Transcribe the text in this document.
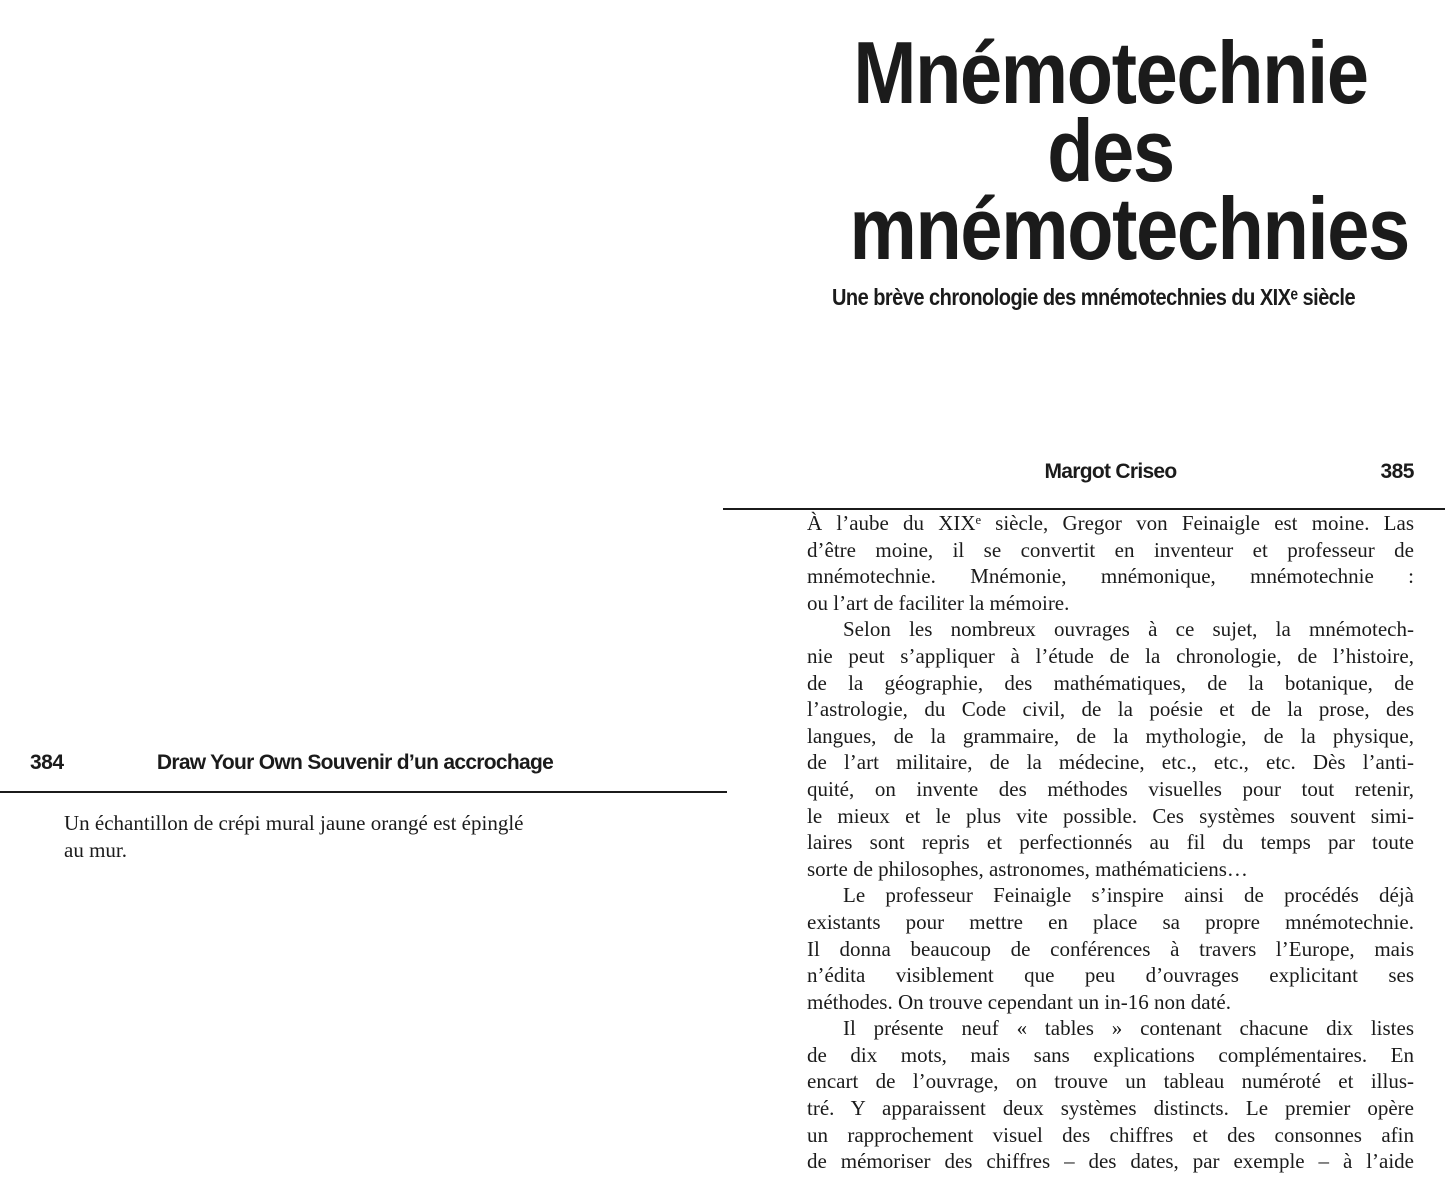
384	Draw Your Own Souvenir d’un accrochage
Un échantillon de crépi mural jaune orangé est épinglé
au mur.
Mnémotechnie
des
mnémotechnies
Une brève chronologie des mnémotechnies du XIXᵉ siècle
Margot Criseo	385
À l’aube du XIXᵉ siècle, Gregor von Feinaigle est moine. Las
d’être moine, il se convertit en inventeur et professeur de
mnémotechnie. Mnémonie, mnémonique, mnémotechnie :
ou l’art de faciliter la mémoire.
Selon les nombreux ouvrages à ce sujet, la mnémotech-
nie peut s’appliquer à l’étude de la chronologie, de l’histoire,
de la géographie, des mathématiques, de la botanique, de
l’astrologie, du Code civil, de la poésie et de la prose, des
langues, de la grammaire, de la mythologie, de la physique,
de l’art militaire, de la médecine, etc., etc., etc. Dès l’anti-
quité, on invente des méthodes visuelles pour tout retenir,
le mieux et le plus vite possible. Ces systèmes souvent simi-
laires sont repris et perfectionnés au fil du temps par toute
sorte de philosophes, astronomes, mathématiciens…
Le professeur Feinaigle s’inspire ainsi de procédés déjà
existants pour mettre en place sa propre mnémotechnie.
Il donna beaucoup de conférences à travers l’Europe, mais
n’édita visiblement que peu d’ouvrages explicitant ses
méthodes. On trouve cependant un in-16 non daté.
Il présente neuf « tables » contenant chacune dix listes
de dix mots, mais sans explications complémentaires. En
encart de l’ouvrage, on trouve un tableau numéroté et illus-
tré. Y apparaissent deux systèmes distincts. Le premier opère
un rapprochement visuel des chiffres et des consonnes afin
de mémoriser des chiffres – des dates, par exemple – à l’aide
